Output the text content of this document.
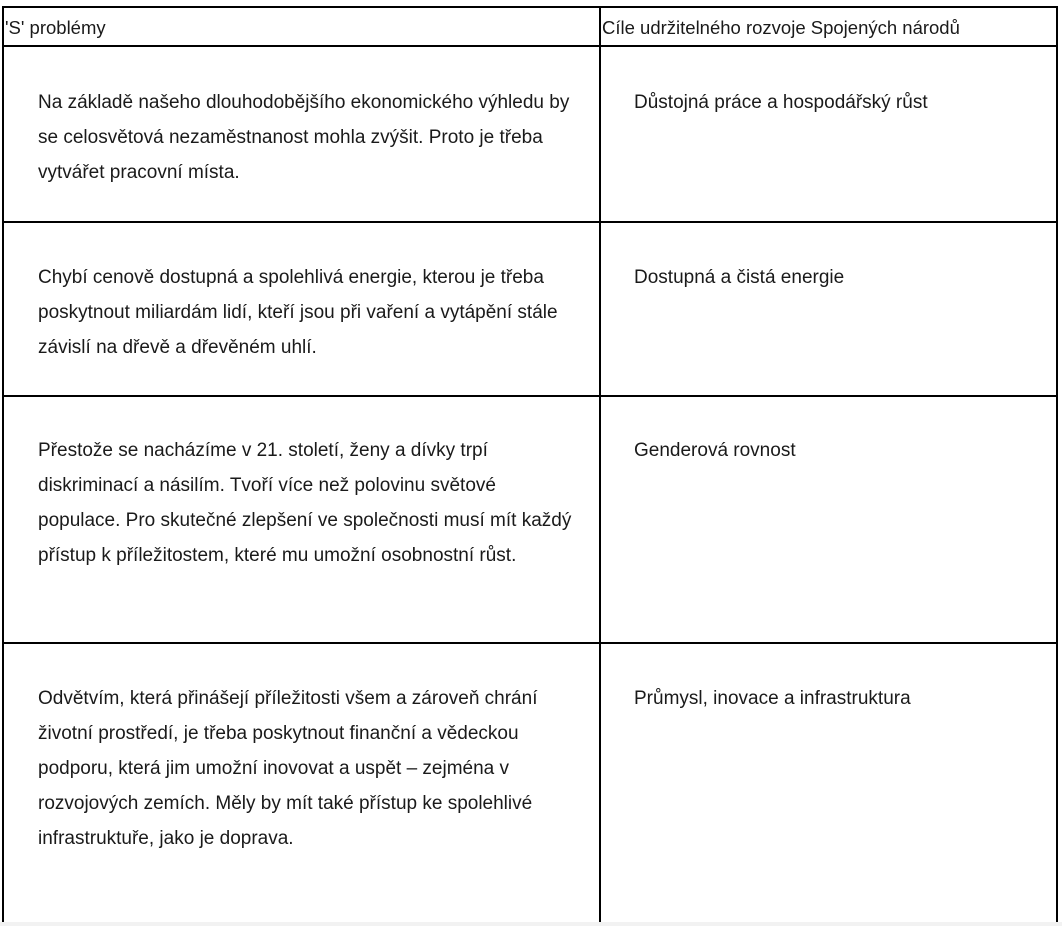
'S' problémy	Cíle udržitelného rozvoje Spojených národů
Na základě našeho dlouhodobějšího ekonomického výhledu by se celosvětová nezaměstnanost mohla zvýšit. Proto je třeba vytvářet pracovní místa.
Důstojná práce a hospodářský růst
Chybí cenově dostupná a spolehlivá energie, kterou je třeba poskytnout miliardám lidí, kteří jsou při vaření a vytápění stále závislí na dřevě a dřevěném uhlí.
Dostupná a čistá energie
Přestože se nacházíme v 21. století, ženy a dívky trpí diskriminací a násilím. Tvoří více než polovinu světové populace. Pro skutečné zlepšení ve společnosti musí mít každý přístup k příležitostem, které mu umožní osobnostní růst.
Genderová rovnost
Odvětvím, která přinášejí příležitosti všem a zároveň chrání životní prostředí, je třeba poskytnout finanční a vědeckou podporu, která jim umožní inovovat a uspět – zejména v rozvojových zemích. Měly by mít také přístup ke spolehlivé infrastruktuře, jako je doprava.
Průmysl, inovace a infrastruktura
